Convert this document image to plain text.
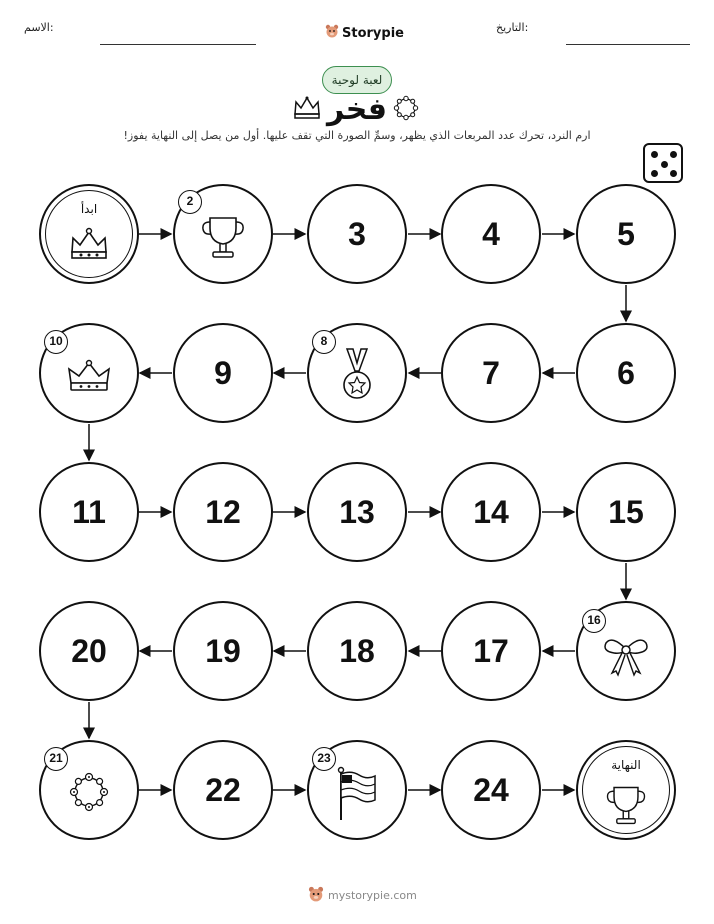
الاسم:	Storypie	التاريخ:
لعبة لوحية
فخر
ارم النرد، تحرك عدد المربعات الذي يظهر، وسمِّ الصورة التي تقف عليها. أول من يصل إلى النهاية يفوز!
ابدأ
2
3	4	5
10
9
8
7	6
11	12	13	14	15
20	19	18	17
16
21
22
23
24
النهاية
mystorypie.com
